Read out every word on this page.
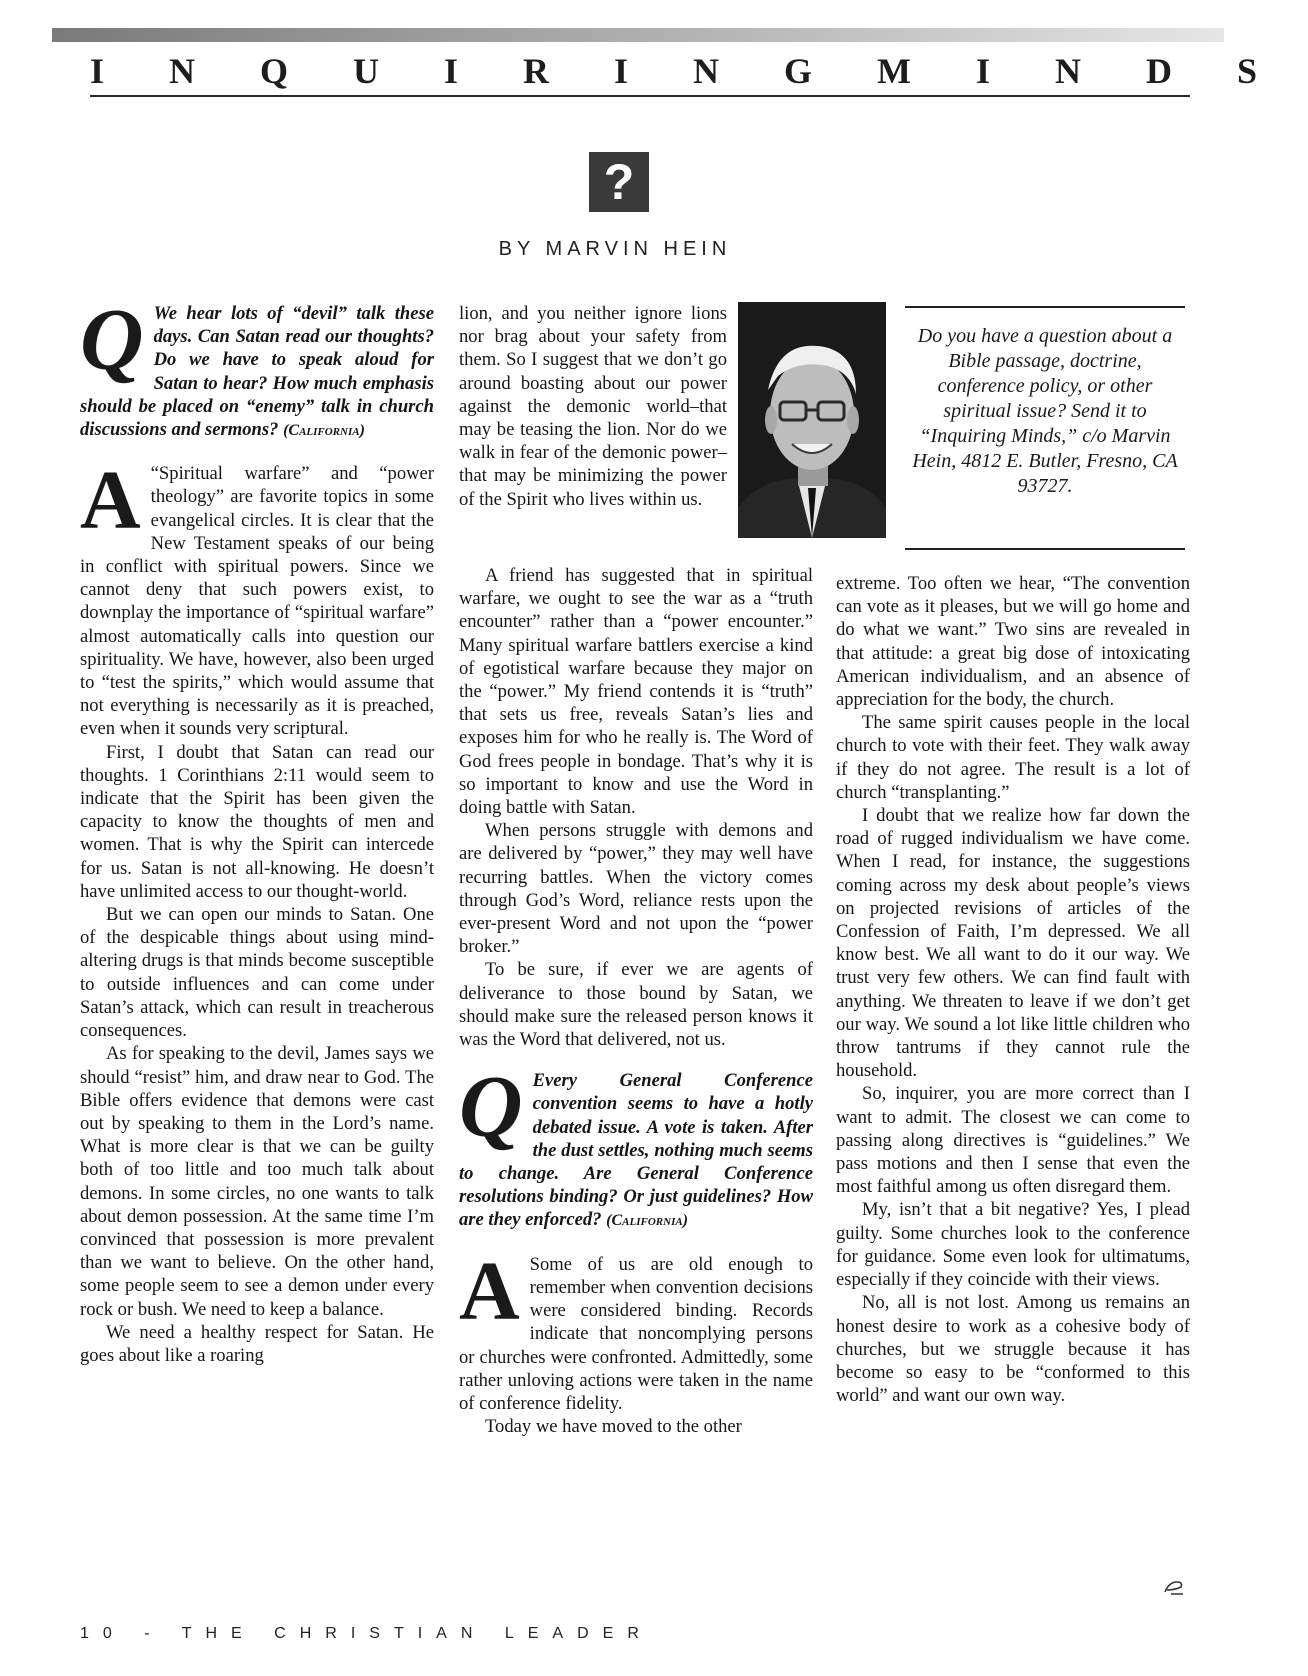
I N Q U I R I N G M I N D S
?
BY MARVIN HEIN

Q We hear lots of “devil” talk these days. Can Satan read our thoughts? Do we have to speak aloud for Satan to hear? How much emphasis should be placed on “enemy” talk in church discussions and sermons? (California)

A “Spiritual warfare” and “power theology” are favorite topics in some evangelical circles. It is clear that the New Testament speaks of our being in conflict with spiritual powers. Since we cannot deny that such powers exist, to downplay the importance of “spiritual warfare” almost automatically calls into question our spirituality. We have, however, also been urged to “test the spirits,” which would assume that not everything is necessarily as it is preached, even when it sounds very scriptural.

First, I doubt that Satan can read our thoughts. 1 Corinthians 2:11 would seem to indicate that the Spirit has been given the capacity to know the thoughts of men and women. That is why the Spirit can intercede for us. Satan is not all-knowing. He doesn’t have unlimited access to our thought-world.

But we can open our minds to Satan. One of the despicable things about using mind-altering drugs is that minds become susceptible to outside influences and can come under Satan’s attack, which can result in treacherous consequences.

As for speaking to the devil, James says we should “resist” him, and draw near to God. The Bible offers evidence that demons were cast out by speaking to them in the Lord’s name. What is more clear is that we can be guilty both of too little and too much talk about demons. In some circles, no one wants to talk about demon possession. At the same time I’m convinced that possession is more prevalent than we want to believe. On the other hand, some people seem to see a demon under every rock or bush. We need to keep a balance.

We need a healthy respect for Satan. He goes about like a roaring

lion, and you neither ignore lions nor brag about your safety from them. So I suggest that we don’t go around boasting about our power against the demonic world–that may be teasing the lion. Nor do we walk in fear of the demonic power–that may be minimizing the power of the Spirit who lives within us.

Do you have a question about a Bible passage, doctrine, conference policy, or other spiritual issue? Send it to “Inquiring Minds,” c/o Marvin Hein, 4812 E. Butler, Fresno, CA 93727.

A friend has suggested that in spiritual warfare, we ought to see the war as a “truth encounter” rather than a “power encounter.” Many spiritual warfare battlers exercise a kind of egotistical warfare because they major on the “power.” My friend contends it is “truth” that sets us free, reveals Satan’s lies and exposes him for who he really is. The Word of God frees people in bondage. That’s why it is so important to know and use the Word in doing battle with Satan.

When persons struggle with demons and are delivered by “power,” they may well have recurring battles. When the victory comes through God’s Word, reliance rests upon the ever-present Word and not upon the “power broker.”

To be sure, if ever we are agents of deliverance to those bound by Satan, we should make sure the released person knows it was the Word that delivered, not us.

Q Every General Conference convention seems to have a hotly debated issue. A vote is taken. After the dust settles, nothing much seems to change. Are General Conference resolutions binding? Or just guidelines? How are they enforced? (California)

A Some of us are old enough to remember when convention decisions were considered binding. Records indicate that noncomplying persons or churches were confronted. Admittedly, some rather unloving actions were taken in the name of conference fidelity.

Today we have moved to the other

extreme. Too often we hear, “The convention can vote as it pleases, but we will go home and do what we want.” Two sins are revealed in that attitude: a great big dose of intoxicating American individualism, and an absence of appreciation for the body, the church.

The same spirit causes people in the local church to vote with their feet. They walk away if they do not agree. The result is a lot of church “transplanting.”

I doubt that we realize how far down the road of rugged individualism we have come. When I read, for instance, the suggestions coming across my desk about people’s views on projected revisions of articles of the Confession of Faith, I’m depressed. We all know best. We all want to do it our way. We trust very few others. We can find fault with anything. We threaten to leave if we don’t get our way. We sound a lot like little children who throw tantrums if they cannot rule the household.

So, inquirer, you are more correct than I want to admit. The closest we can come to passing along directives is “guidelines.” We pass motions and then I sense that even the most faithful among us often disregard them.

My, isn’t that a bit negative? Yes, I plead guilty. Some churches look to the conference for guidance. Some even look for ultimatums, especially if they coincide with their views.

No, all is not lost. Among us remains an honest desire to work as a cohesive body of churches, but we struggle because it has become so easy to be “conformed to this world” and want our own way.

10 - THE CHRISTIAN LEADER
